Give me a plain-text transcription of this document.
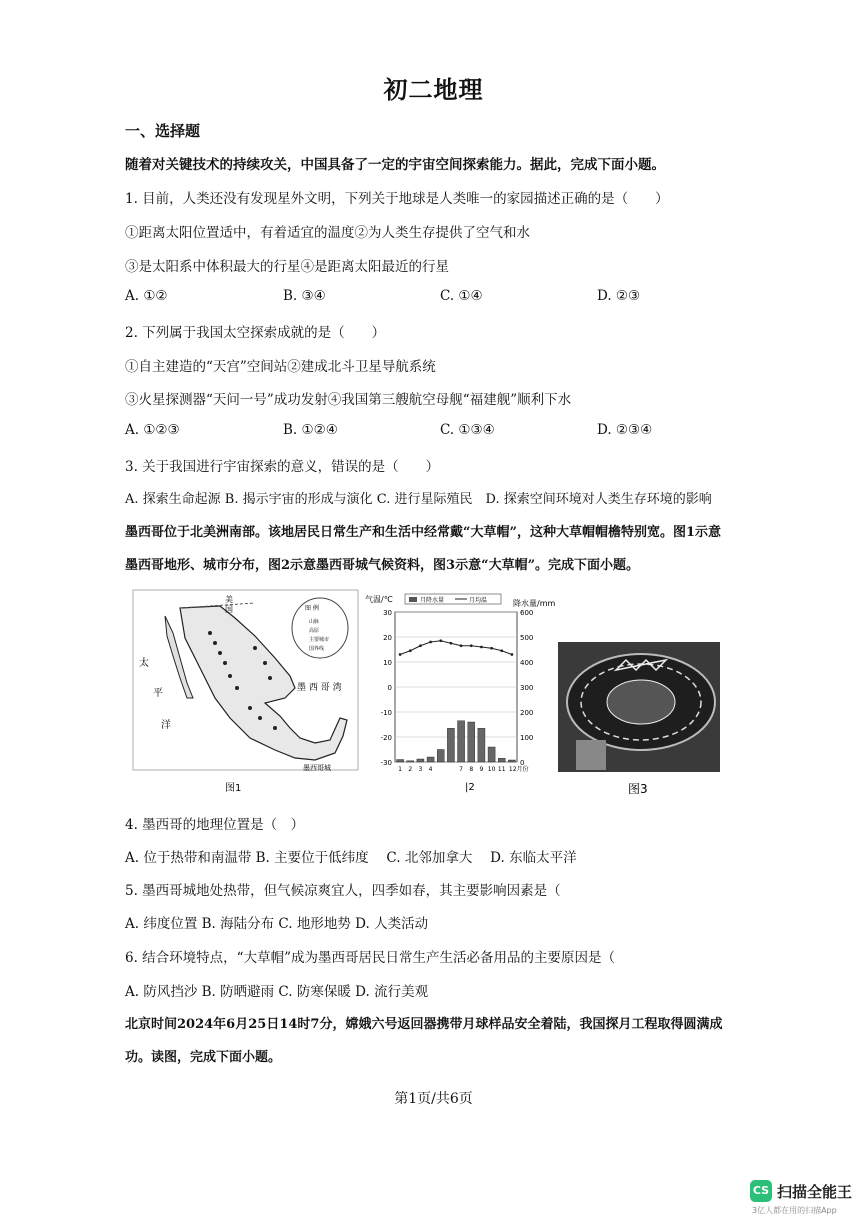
初二地理
一、选择题
随着对关键技术的持续攻关，中国具备了一定的宇宙空间探索能力。据此，完成下面小题。
1. 目前，人类还没有发现星外文明，下列关于地球是人类唯一的家园描述正确的是（　　）
①距离太阳位置适中，有着适宜的温度②为人类生存提供了空气和水
③是太阳系中体积最大的行星④是距离太阳最近的行星
A. ①②	B. ③④	C. ①④	D. ②③
2. 下列属于我国太空探索成就的是（　　）
①自主建造的“天宫”空间站②建成北斗卫星导航系统
③火星探测器“天问一号”成功发射④我国第三艘航空母舰“福建舰”顺利下水
A. ①②③	B. ①②④	C. ①③④	D. ②③④
3. 关于我国进行宇宙探索的意义，错误的是（　　）
A. 探索生命起源 B. 揭示宇宙的形成与演化 C. 进行星际殖民　D. 探索空间环境对人类生存环境的影响
墨西哥位于北美洲南部。该地居民日常生产和生活中经常戴“大草帽”，这种大草帽帽檐特别宽。图1示意
墨西哥地形、城市分布，图2示意墨西哥城气候资料，图3示意“大草帽”。完成下面小题。
美
国
太
平
洋
墨 西 哥 湾
墨西哥城
图 例
山脉
高原
主要城市
国界线
图1
气温/℃	降水量/mm
月降水量	月均温
30
20
10
0
-10
-20
-30
600
500
400
300
200
100
0
1 2 3 4	7 8 9 10 11 12月份
|2	图3
4. 墨西哥的地理位置是（　）
A. 位于热带和南温带 B. 主要位于低纬度　 C. 北邻加拿大　 D. 东临太平洋
5. 墨西哥城地处热带，但气候凉爽宜人，四季如春，其主要影响因素是（
A. 纬度位置 B. 海陆分布 C. 地形地势 D. 人类活动
6. 结合环境特点，“大草帽”成为墨西哥居民日常生产生活必备用品的主要原因是（
A. 防风挡沙 B. 防晒避雨 C. 防寒保暖 D. 流行美观
北京时间2024年6月25日14时7分，嫦娥六号返回器携带月球样品安全着陆，我国探月工程取得圆满成
功。读图，完成下面小题。
第1页/共6页
CS 扫描全能王
3亿人都在用的扫描App
